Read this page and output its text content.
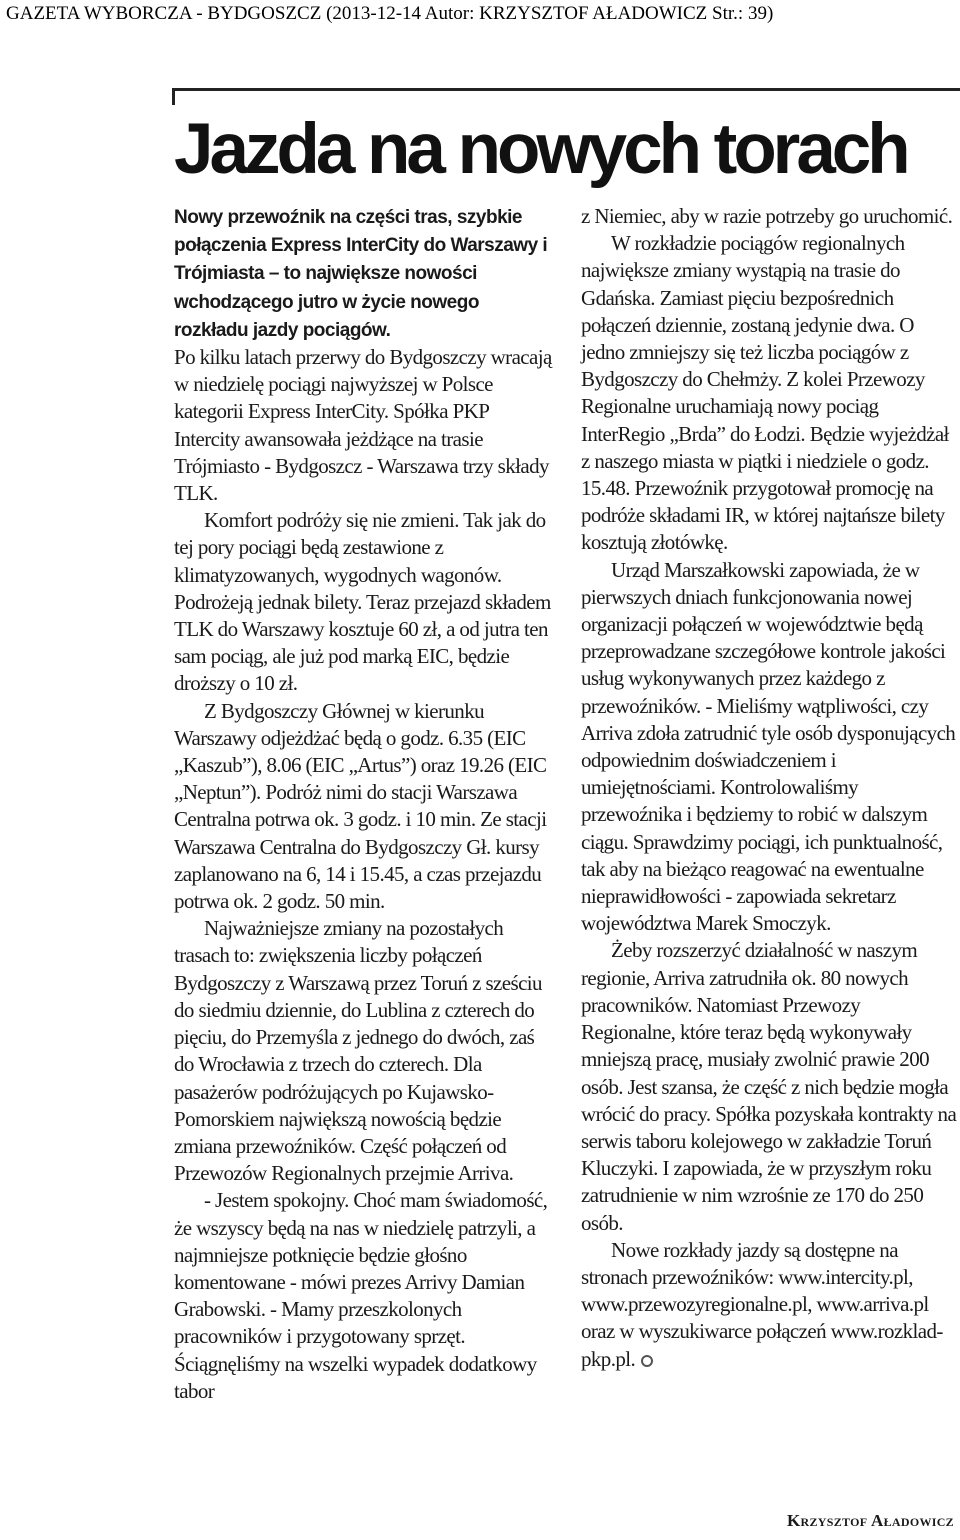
GAZETA WYBORCZA - BYDGOSZCZ (2013-12-14 Autor: KRZYSZTOF AŁADOWICZ Str.: 39)
Jazda na nowych torach

Nowy przewoźnik na części tras, szybkie połączenia Express InterCity do Warszawy i Trójmiasta – to największe nowości wchodzącego jutro w życie nowego rozkładu jazdy pociągów.

Po kilku latach przerwy do Bydgoszczy wracają w niedzielę pociągi najwyższej w Polsce kategorii Express InterCity. Spółka PKP Intercity awansowała jeżdżące na trasie Trójmiasto - Bydgoszcz - Warszawa trzy składy TLK.

Komfort podróży się nie zmieni. Tak jak do tej pory pociągi będą zestawione z klimatyzowanych, wygodnych wagonów. Podrożeją jednak bilety. Teraz przejazd składem TLK do Warszawy kosztuje 60 zł, a od jutra ten sam pociąg, ale już pod marką EIC, będzie droższy o 10 zł.

Z Bydgoszczy Głównej w kierunku Warszawy odjeżdżać będą o godz. 6.35 (EIC „Kaszub”), 8.06 (EIC „Artus”) oraz 19.26 (EIC „Neptun”). Podróż nimi do stacji Warszawa Centralna potrwa ok. 3 godz. i 10 min. Ze stacji Warszawa Centralna do Bydgoszczy Gł. kursy zaplanowano na 6, 14 i 15.45, a czas przejazdu potrwa ok. 2 godz. 50 min.

Najważniejsze zmiany na pozostałych trasach to: zwiększenia liczby połączeń Bydgoszczy z Warszawą przez Toruń z sześciu do siedmiu dziennie, do Lublina z czterech do pięciu, do Przemyśla z jednego do dwóch, zaś do Wrocławia z trzech do czterech. Dla pasażerów podróżujących po Kujawsko-Pomorskiem największą nowością będzie zmiana przewoźników. Część połączeń od Przewozów Regionalnych przejmie Arriva.

- Jestem spokojny. Choć mam świadomość, że wszyscy będą na nas w niedzielę patrzyli, a najmniejsze potknięcie będzie głośno komentowane - mówi prezes Arrivy Damian Grabowski. - Mamy przeszkolonych pracowników i przygotowany sprzęt. Ściągnęliśmy na wszelki wypadek dodatkowy tabor

z Niemiec, aby w razie potrzeby go uruchomić.

W rozkładzie pociągów regionalnych największe zmiany wystąpią na trasie do Gdańska. Zamiast pięciu bezpośrednich połączeń dziennie, zostaną jedynie dwa. O jedno zmniejszy się też liczba pociągów z Bydgoszczy do Chełmży. Z kolei Przewozy Regionalne uruchamiają nowy pociąg InterRegio „Brda” do Łodzi. Będzie wyjeżdżał z naszego miasta w piątki i niedziele o godz. 15.48. Przewoźnik przygotował promocję na podróże składami IR, w której najtańsze bilety kosztują złotówkę.

Urząd Marszałkowski zapowiada, że w pierwszych dniach funkcjonowania nowej organizacji połączeń w województwie będą przeprowadzane szczegółowe kontrole jakości usług wykonywanych przez każdego z przewoźników. - Mieliśmy wątpliwości, czy Arriva zdoła zatrudnić tyle osób dysponujących odpowiednim doświadczeniem i umiejętnościami. Kontrolowaliśmy przewoźnika i będziemy to robić w dalszym ciągu. Sprawdzimy pociągi, ich punktualność, tak aby na bieżąco reagować na ewentualne nieprawidłowości - zapowiada sekretarz województwa Marek Smoczyk.

Żeby rozszerzyć działalność w naszym regionie, Arriva zatrudniła ok. 80 nowych pracowników. Natomiast Przewozy Regionalne, które teraz będą wykonywały mniejszą pracę, musiały zwolnić prawie 200 osób. Jest szansa, że część z nich będzie mogła wrócić do pracy. Spółka pozyskała kontrakty na serwis taboru kolejowego w zakładzie Toruń Kluczyki. I zapowiada, że w przyszłym roku zatrudnienie w nim wzrośnie ze 170 do 250 osób.

Nowe rozkłady jazdy są dostępne na stronach przewoźników: www.intercity.pl, www.przewozyregionalne.pl, www.arriva.pl oraz w wyszukiwarce połączeń www.rozklad-pkp.pl.

Krzysztof Aładowicz
